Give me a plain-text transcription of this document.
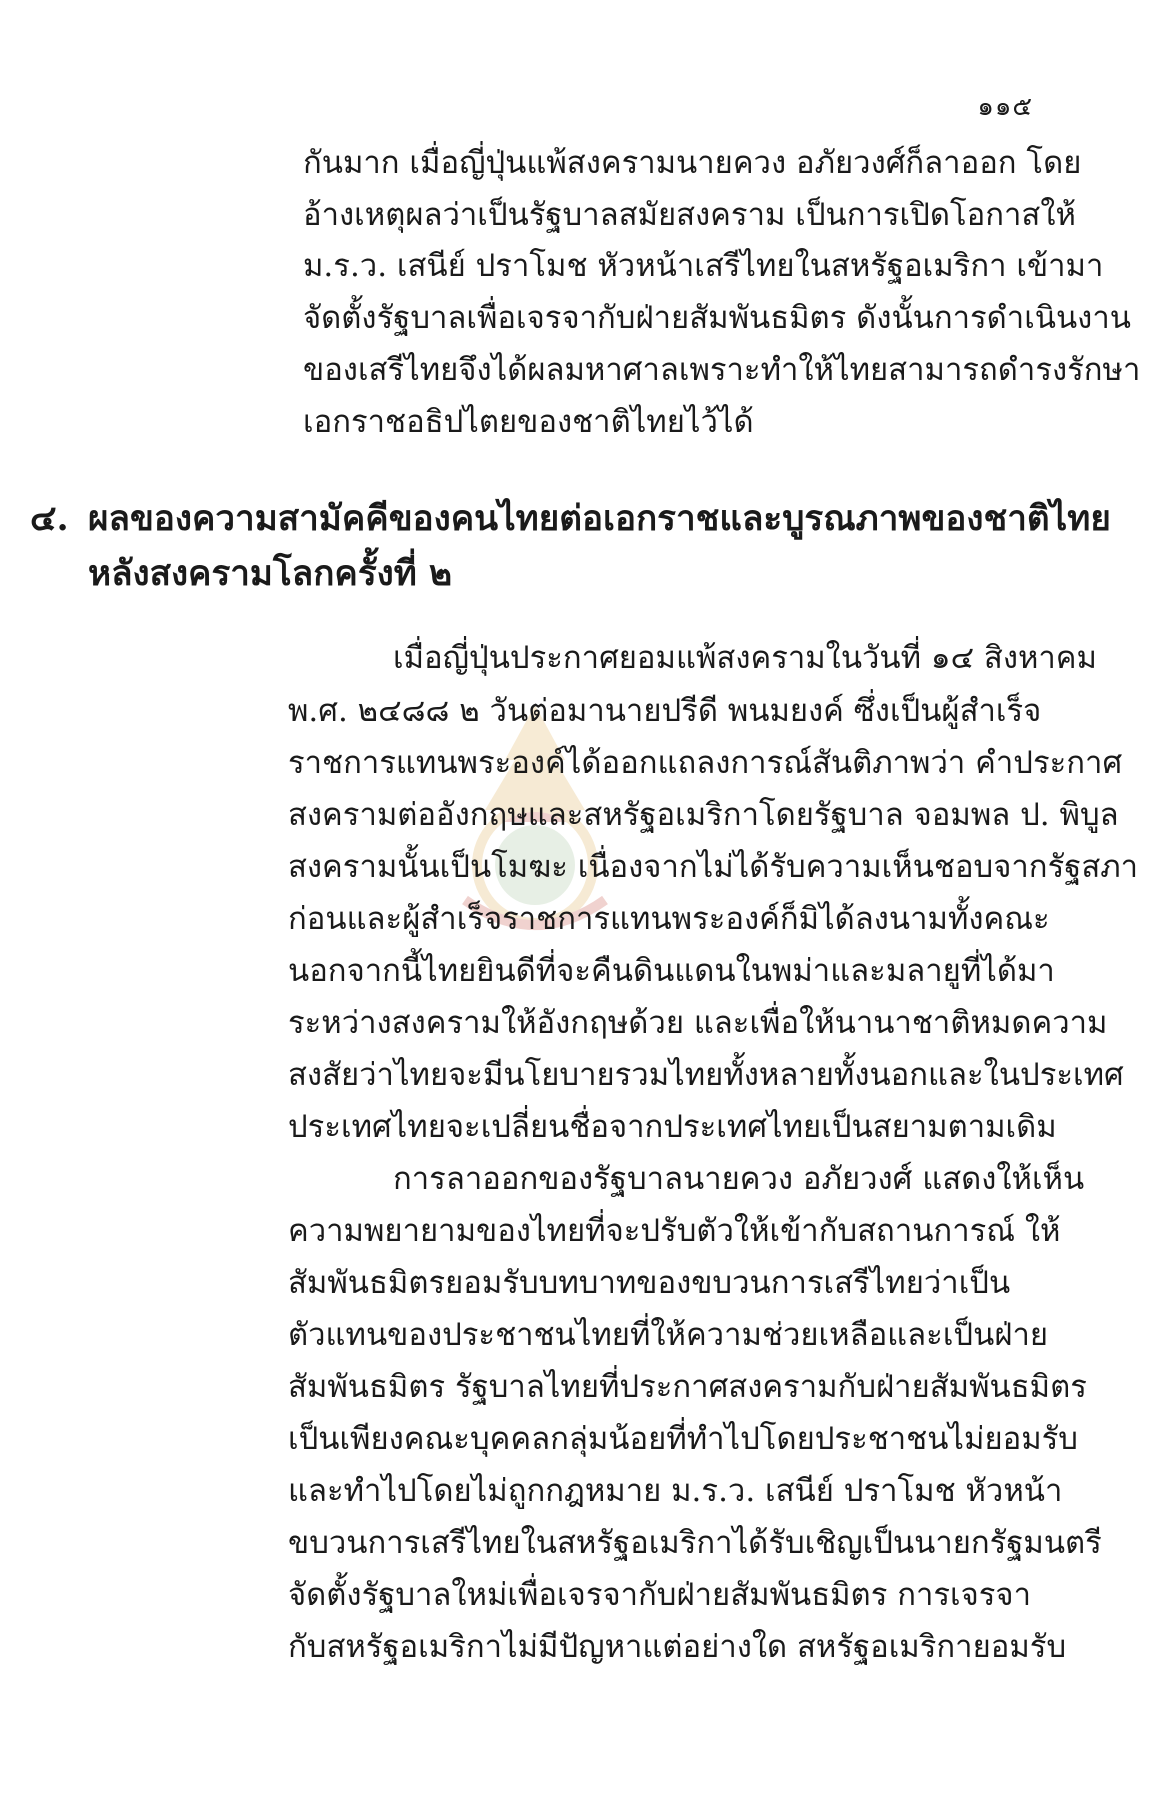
๑๑๕
กันมาก เมื่อญี่ปุ่นแพ้สงครามนายควง อภัยวงศ์ก็ลาออก โดย
อ้างเหตุผลว่าเป็นรัฐบาลสมัยสงคราม เป็นการเปิดโอกาสให้
ม.ร.ว. เสนีย์ ปราโมช หัวหน้าเสรีไทยในสหรัฐอเมริกา เข้ามา
จัดตั้งรัฐบาลเพื่อเจรจากับฝ่ายสัมพันธมิตร ดังนั้นการดำเนินงาน
ของเสรีไทยจึงได้ผลมหาศาลเพราะทำให้ไทยสามารถดำรงรักษา
เอกราชอธิปไตยของชาติไทยไว้ได้
๔. ผลของความสามัคคีของคนไทยต่อเอกราชและบูรณภาพของชาติไทย
หลังสงครามโลกครั้งที่ ๒
เมื่อญี่ปุ่นประกาศยอมแพ้สงครามในวันที่ ๑๔ สิงหาคม
พ.ศ. ๒๔๘๘ ๒ วันต่อมานายปรีดี พนมยงค์ ซึ่งเป็นผู้สำเร็จ
ราชการแทนพระองค์ได้ออกแถลงการณ์สันติภาพว่า คำประกาศ
สงครามต่ออังกฤษและสหรัฐอเมริกาโดยรัฐบาล จอมพล ป. พิบูล
สงครามนั้นเป็นโมฆะ เนื่องจากไม่ได้รับความเห็นชอบจากรัฐสภา
ก่อนและผู้สำเร็จราชการแทนพระองค์ก็มิได้ลงนามทั้งคณะ
นอกจากนี้ไทยยินดีที่จะคืนดินแดนในพม่าและมลายูที่ได้มา
ระหว่างสงครามให้อังกฤษด้วย และเพื่อให้นานาชาติหมดความ
สงสัยว่าไทยจะมีนโยบายรวมไทยทั้งหลายทั้งนอกและในประเทศ
ประเทศไทยจะเปลี่ยนชื่อจากประเทศไทยเป็นสยามตามเดิม
การลาออกของรัฐบาลนายควง อภัยวงศ์ แสดงให้เห็น
ความพยายามของไทยที่จะปรับตัวให้เข้ากับสถานการณ์ ให้
สัมพันธมิตรยอมรับบทบาทของขบวนการเสรีไทยว่าเป็น
ตัวแทนของประชาชนไทยที่ให้ความช่วยเหลือและเป็นฝ่าย
สัมพันธมิตร รัฐบาลไทยที่ประกาศสงครามกับฝ่ายสัมพันธมิตร
เป็นเพียงคณะบุคคลกลุ่มน้อยที่ทำไปโดยประชาชนไม่ยอมรับ
และทำไปโดยไม่ถูกกฎหมาย ม.ร.ว. เสนีย์ ปราโมช หัวหน้า
ขบวนการเสรีไทยในสหรัฐอเมริกาได้รับเชิญเป็นนายกรัฐมนตรี
จัดตั้งรัฐบาลใหม่เพื่อเจรจากับฝ่ายสัมพันธมิตร การเจรจา
กับสหรัฐอเมริกาไม่มีปัญหาแต่อย่างใด สหรัฐอเมริกายอมรับ
